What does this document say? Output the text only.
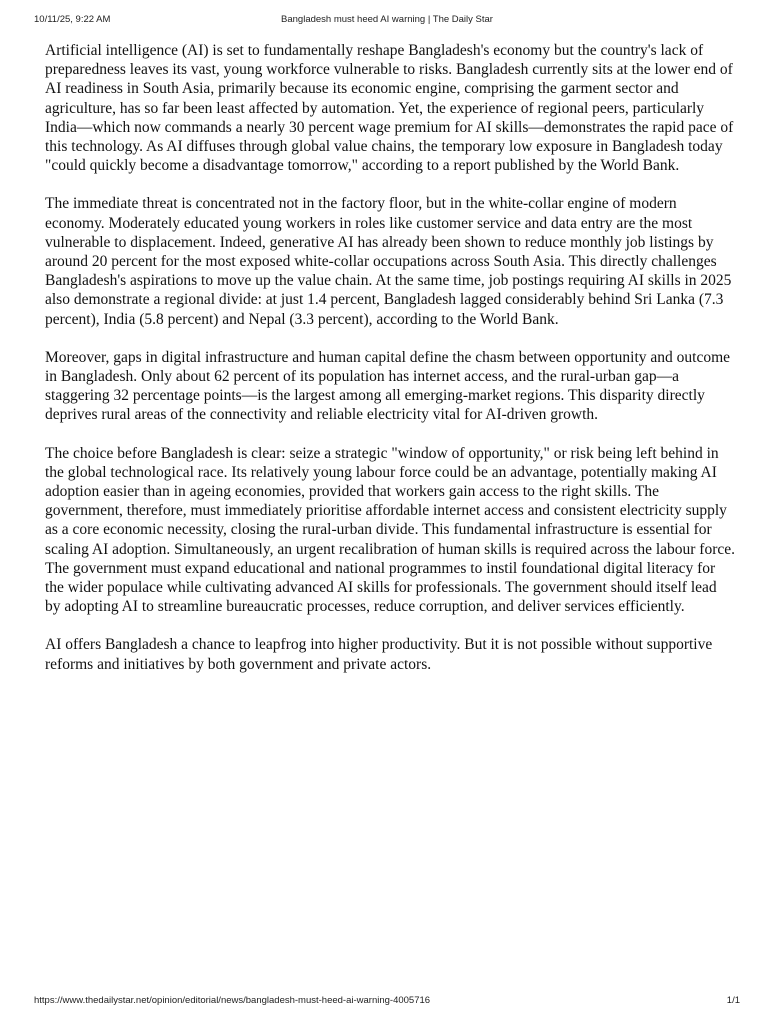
10/11/25, 9:22 AM	Bangladesh must heed AI warning | The Daily Star

Artificial intelligence (AI) is set to fundamentally reshape Bangladesh's economy but the country's lack of preparedness leaves its vast, young workforce vulnerable to risks. Bangladesh currently sits at the lower end of AI readiness in South Asia, primarily because its economic engine, comprising the garment sector and agriculture, has so far been least affected by automation. Yet, the experience of regional peers, particularly India—which now commands a nearly 30 percent wage premium for AI skills—demonstrates the rapid pace of this technology. As AI diffuses through global value chains, the temporary low exposure in Bangladesh today "could quickly become a disadvantage tomorrow," according to a report published by the World Bank.

The immediate threat is concentrated not in the factory floor, but in the white-collar engine of modern economy. Moderately educated young workers in roles like customer service and data entry are the most vulnerable to displacement. Indeed, generative AI has already been shown to reduce monthly job listings by around 20 percent for the most exposed white-collar occupations across South Asia. This directly challenges Bangladesh's aspirations to move up the value chain. At the same time, job postings requiring AI skills in 2025 also demonstrate a regional divide: at just 1.4 percent, Bangladesh lagged considerably behind Sri Lanka (7.3 percent), India (5.8 percent) and Nepal (3.3 percent), according to the World Bank.

Moreover, gaps in digital infrastructure and human capital define the chasm between opportunity and outcome in Bangladesh. Only about 62 percent of its population has internet access, and the rural-urban gap—a staggering 32 percentage points—is the largest among all emerging-market regions. This disparity directly deprives rural areas of the connectivity and reliable electricity vital for AI-driven growth.

The choice before Bangladesh is clear: seize a strategic "window of opportunity," or risk being left behind in the global technological race. Its relatively young labour force could be an advantage, potentially making AI adoption easier than in ageing economies, provided that workers gain access to the right skills. The government, therefore, must immediately prioritise affordable internet access and consistent electricity supply as a core economic necessity, closing the rural-urban divide. This fundamental infrastructure is essential for scaling AI adoption. Simultaneously, an urgent recalibration of human skills is required across the labour force. The government must expand educational and national programmes to instil foundational digital literacy for the wider populace while cultivating advanced AI skills for professionals. The government should itself lead by adopting AI to streamline bureaucratic processes, reduce corruption, and deliver services efficiently.

AI offers Bangladesh a chance to leapfrog into higher productivity. But it is not possible without supportive reforms and initiatives by both government and private actors.

https://www.thedailystar.net/opinion/editorial/news/bangladesh-must-heed-ai-warning-4005716	1/1
